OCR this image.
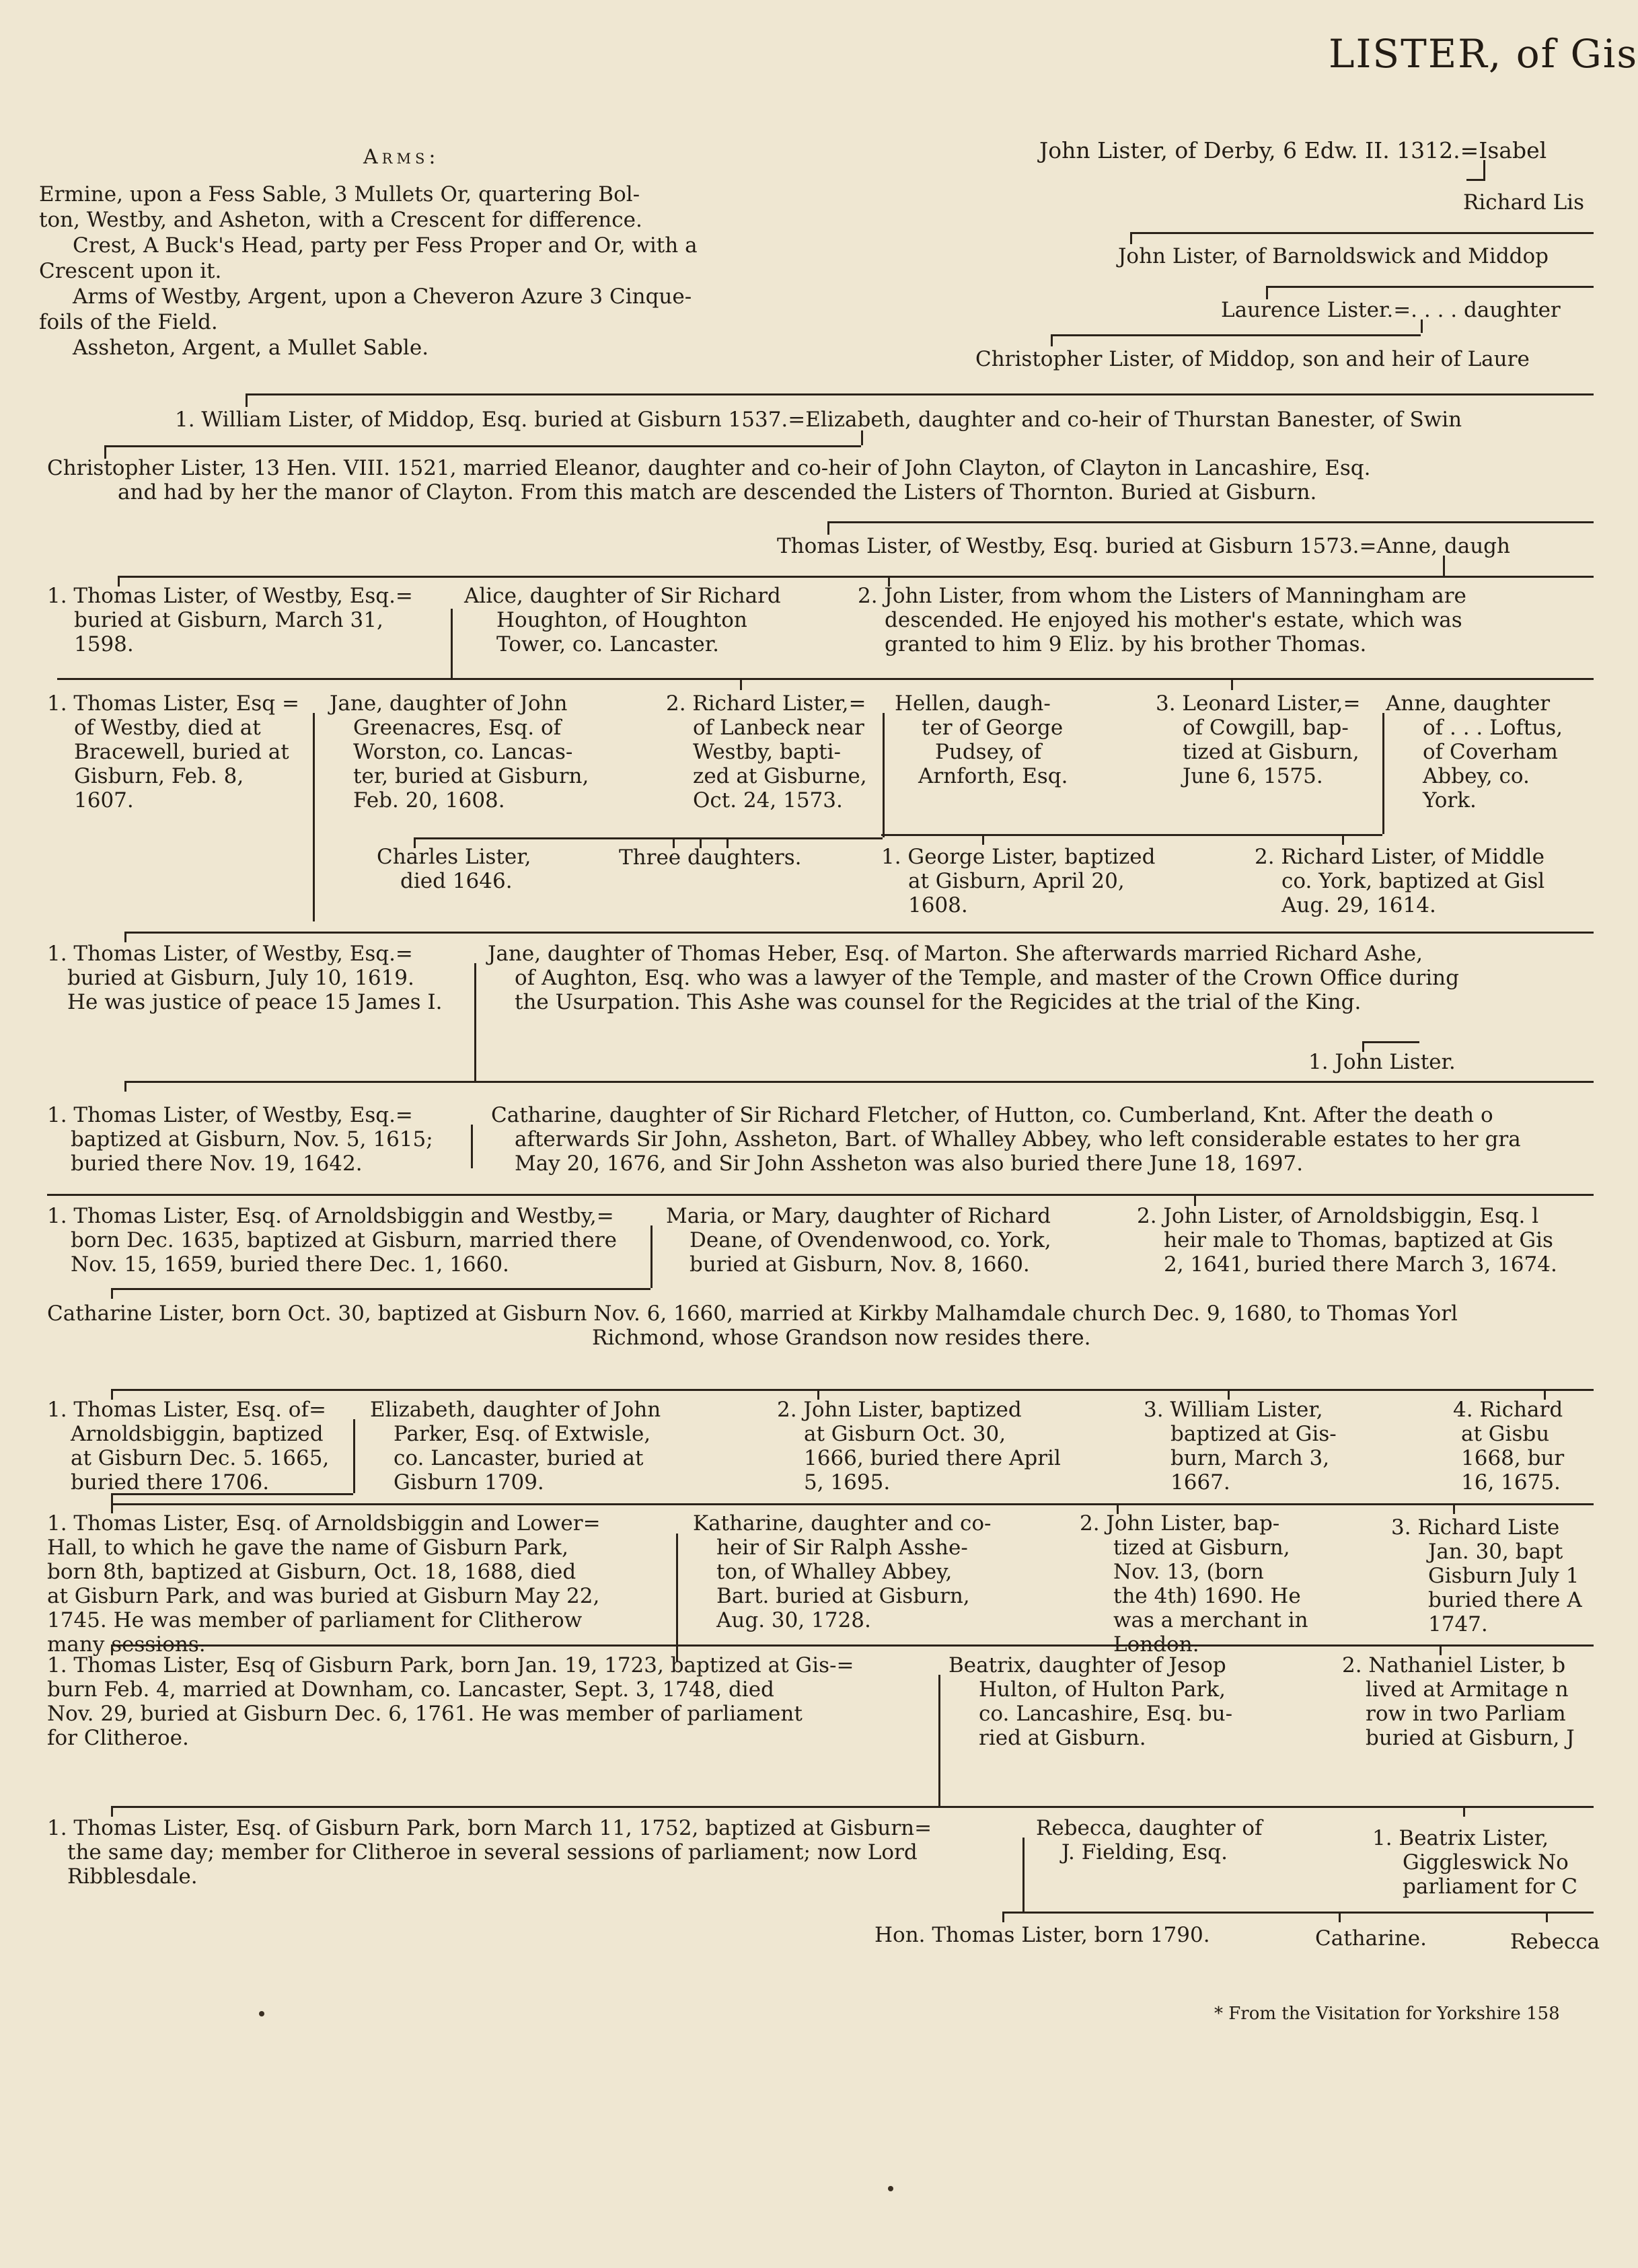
LISTER, of Gis
Arms:
Ermine, upon a Fess Sable, 3 Mullets Or, quartering Bol-
ton, Westby, and Asheton, with a Crescent for difference.
Crest, A Buck's Head, party per Fess Proper and Or, with a
Crescent upon it.
Arms of Westby, Argent, upon a Cheveron Azure 3 Cinque-
foils of the Field.
Assheton, Argent, a Mullet Sable.
John Lister, of Derby, 6 Edw. II. 1312.=Isabel
Richard Lis
John Lister, of Barnoldswick and Middop
Laurence Lister.=. . . . daughter
Christopher Lister, of Middop, son and heir of Laure
1. William Lister, of Middop, Esq. buried at Gisburn 1537.=Elizabeth, daughter and co-heir of Thurstan Banester, of Swin
Christopher Lister, 13 Hen. VIII. 1521, married Eleanor, daughter and co-heir of John Clayton, of Clayton in Lancashire, Esq.
and had by her the manor of Clayton. From this match are descended the Listers of Thornton. Buried at Gisburn.
Thomas Lister, of Westby, Esq. buried at Gisburn 1573.=Anne, daugh
1. Thomas Lister, of Westby, Esq.=
buried at Gisburn, March 31,
1598.
Alice, daughter of Sir Richard
Houghton, of Houghton
Tower, co. Lancaster.
2. John Lister, from whom the Listers of Manningham are
descended. He enjoyed his mother's estate, which was
granted to him 9 Eliz. by his brother Thomas.
1. Thomas Lister, Esq =
of Westby, died at
Bracewell, buried at
Gisburn, Feb. 8,
1607.
Jane, daughter of John
Greenacres, Esq. of
Worston, co. Lancas-
ter, buried at Gisburn,
Feb. 20, 1608.
2. Richard Lister,=
of Lanbeck near
Westby, bapti-
zed at Gisburne,
Oct. 24, 1573.
Hellen, daugh-
ter of George
Pudsey, of
Arnforth, Esq.
3. Leonard Lister,=
of Cowgill, bap-
tized at Gisburn,
June 6, 1575.
Anne, daughter
of . . . Loftus,
of Coverham
Abbey, co.
York.
Charles Lister,
died 1646.
Three daughters.	1. George Lister, baptized
at Gisburn, April 20,
1608.
2. Richard Lister, of Middle
co. York, baptized at Gisl
Aug. 29, 1614.
1. Thomas Lister, of Westby, Esq.=
buried at Gisburn, July 10, 1619.
He was justice of peace 15 James I.
Jane, daughter of Thomas Heber, Esq. of Marton. She afterwards married Richard Ashe,
of Aughton, Esq. who was a lawyer of the Temple, and master of the Crown Office during
the Usurpation. This Ashe was counsel for the Regicides at the trial of the King.
1. John Lister.
1. Thomas Lister, of Westby, Esq.=
baptized at Gisburn, Nov. 5, 1615;
buried there Nov. 19, 1642.
Catharine, daughter of Sir Richard Fletcher, of Hutton, co. Cumberland, Knt. After the death o
afterwards Sir John, Assheton, Bart. of Whalley Abbey, who left considerable estates to her gra
May 20, 1676, and Sir John Assheton was also buried there June 18, 1697.
1. Thomas Lister, Esq. of Arnoldsbiggin and Westby,=
born Dec. 1635, baptized at Gisburn, married there
Nov. 15, 1659, buried there Dec. 1, 1660.
Maria, or Mary, daughter of Richard
Deane, of Ovendenwood, co. York,
buried at Gisburn, Nov. 8, 1660.
2. John Lister, of Arnoldsbiggin, Esq. l
heir male to Thomas, baptized at Gis
2, 1641, buried there March 3, 1674.
Catharine Lister, born Oct. 30, baptized at Gisburn Nov. 6, 1660, married at Kirkby Malhamdale church Dec. 9, 1680, to Thomas Yorl
Richmond, whose Grandson now resides there.
1. Thomas Lister, Esq. of=
Arnoldsbiggin, baptized
at Gisburn Dec. 5. 1665,
buried there 1706.
Elizabeth, daughter of John
Parker, Esq. of Extwisle,
co. Lancaster, buried at
Gisburn 1709.
2. John Lister, baptized
at Gisburn Oct. 30,
1666, buried there April
5, 1695.
3. William Lister,
baptized at Gis-
burn, March 3,
1667.
4. Richard
at Gisbu
1668, bur
16, 1675.
1. Thomas Lister, Esq. of Arnoldsbiggin and Lower=
Hall, to which he gave the name of Gisburn Park,
born 8th, baptized at Gisburn, Oct. 18, 1688, died
at Gisburn Park, and was buried at Gisburn May 22,
1745. He was member of parliament for Clitherow
many sessions.
Katharine, daughter and co-
heir of Sir Ralph Asshe-
ton, of Whalley Abbey,
Bart. buried at Gisburn,
Aug. 30, 1728.
2. John Lister, bap-
tized at Gisburn,
Nov. 13, (born
the 4th) 1690. He
was a merchant in
London.
3. Richard Liste
Jan. 30, bapt
Gisburn July 1
buried there A
1747.
1. Thomas Lister, Esq of Gisburn Park, born Jan. 19, 1723, baptized at Gis-=
burn Feb. 4, married at Downham, co. Lancaster, Sept. 3, 1748, died
Nov. 29, buried at Gisburn Dec. 6, 1761. He was member of parliament
for Clitheroe.
Beatrix, daughter of Jesop
Hulton, of Hulton Park,
co. Lancashire, Esq. bu-
ried at Gisburn.
2. Nathaniel Lister, b
lived at Armitage n
row in two Parliam
buried at Gisburn, J
1. Thomas Lister, Esq. of Gisburn Park, born March 11, 1752, baptized at Gisburn=
the same day; member for Clitheroe in several sessions of parliament; now Lord
Ribblesdale.
Rebecca, daughter of
J. Fielding, Esq.
1. Beatrix Lister,
Giggleswick No
parliament for C
Hon. Thomas Lister, born 1790.	Catharine.	Rebecca
* From the Visitation for Yorkshire 158
